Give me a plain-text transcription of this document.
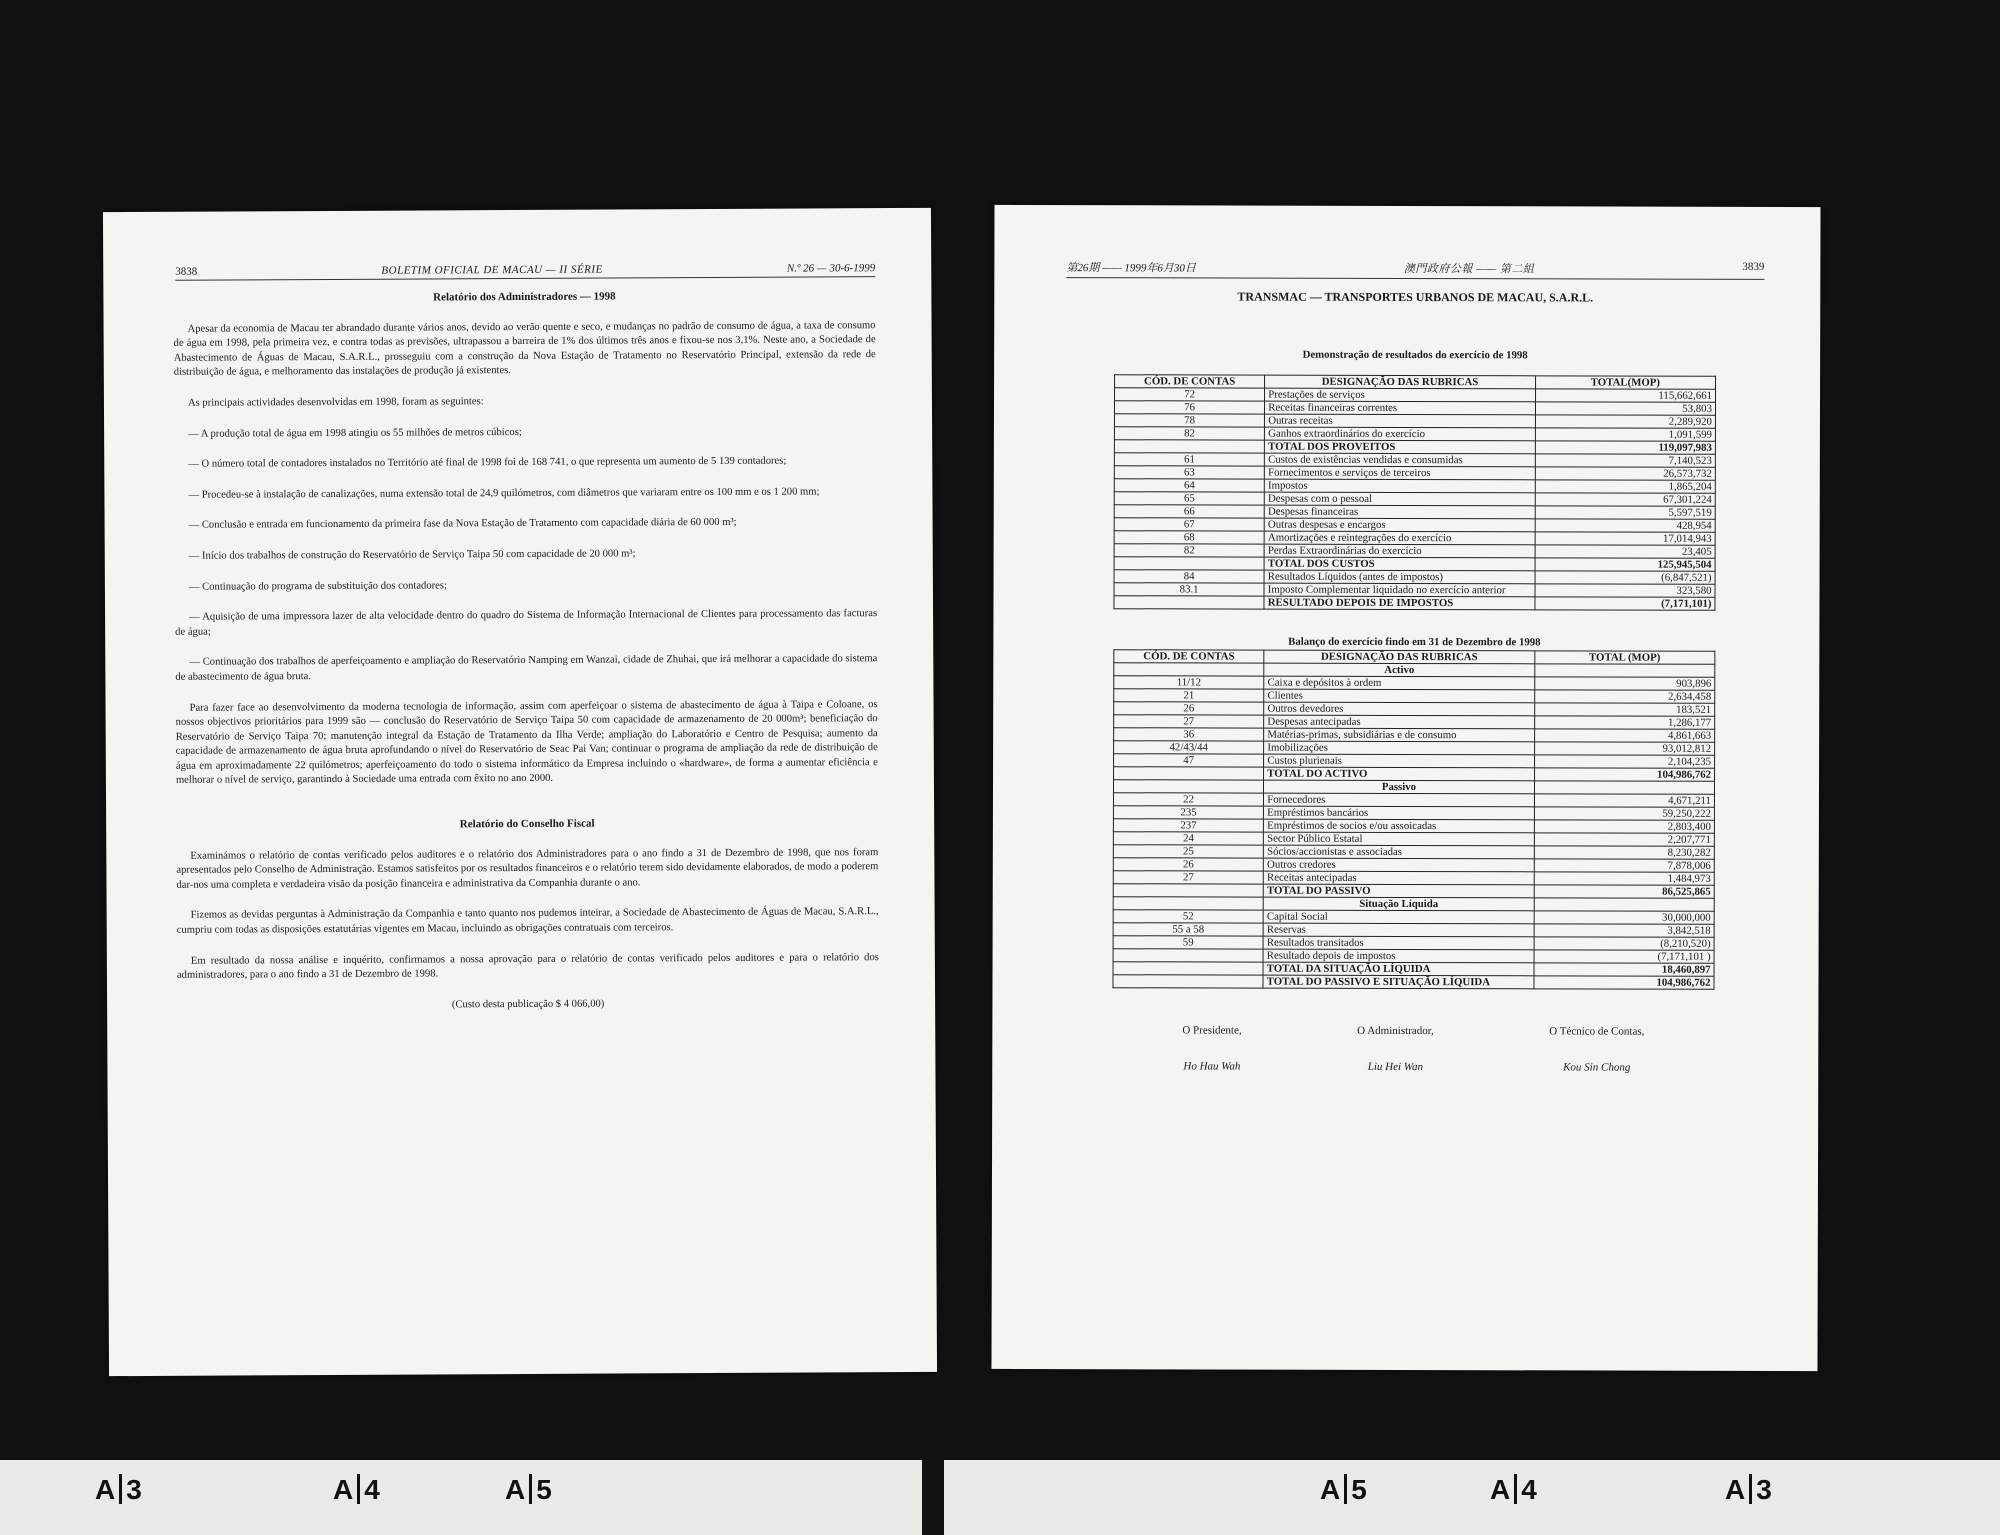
3838	BOLETIM OFICIAL DE MACAU — II SÉRIE	N.º 26 — 30-6-1999
Relatório dos Administradores — 1998

Apesar da economia de Macau ter abrandado durante vários anos, devido ao verão quente e seco, e mudanças no padrão de consumo de água, a taxa de consumo de água em 1998, pela primeira vez, e contra todas as previsões, ultrapassou a barreira de 1% dos últimos três anos e fixou-se nos 3,1%. Neste ano, a Sociedade de Abastecimento de Águas de Macau, S.A.R.L., prosseguiu com a construção da Nova Estação de Tratamento no Reservatório Principal, extensão da rede de distribuição de água, e melhoramento das instalações de produção já existentes.

As principais actividades desenvolvidas em 1998, foram as seguintes:

— A produção total de água em 1998 atingiu os 55 milhões de metros cúbicos;

— O número total de contadores instalados no Território até final de 1998 foi de 168 741, o que representa um aumento de 5 139 contadores;

— Procedeu-se à instalação de canalizações, numa extensão total de 24,9 quilómetros, com diâmetros que variaram entre os 100 mm e os 1 200 mm;

— Conclusão e entrada em funcionamento da primeira fase da Nova Estação de Tratamento com capacidade diária de 60 000 m³;

— Início dos trabalhos de construção do Reservatório de Serviço Taipa 50 com capacidade de 20 000 m³;

— Continuação do programa de substituição dos contadores;

— Aquisição de uma impressora lazer de alta velocidade dentro do quadro do Sistema de Informação Internacional de Clientes para processamento das facturas de água;

— Continuação dos trabalhos de aperfeiçoamento e ampliação do Reservatório Namping em Wanzai, cidade de Zhuhai, que irá melhorar a capacidade do sistema de abastecimento de água bruta.

Para fazer face ao desenvolvimento da moderna tecnologia de informação, assim com aperfeiçoar o sistema de abastecimento de água à Taipa e Coloane, os nossos objectivos prioritários para 1999 são — conclusão do Reservatório de Serviço Taipa 50 com capacidade de armazenamento de 20 000m³; beneficiação do Reservatório de Serviço Taipa 70; manutenção integral da Estação de Tratamento da Ilha Verde; ampliação do Laboratório e Centro de Pesquisa; aumento da capacidade de armazenamento de água bruta aprofundando o nível do Reservatório de Seac Pai Van; continuar o programa de ampliação da rede de distribuição de água em aproximadamente 22 quilómetros; aperfeiçoamento do todo o sistema informático da Empresa incluindo o «hardware», de forma a aumentar eficiência e melhorar o nível de serviço, garantindo à Sociedade uma entrada com êxito no ano 2000.

Relatório do Conselho Fiscal

Examinámos o relatório de contas verificado pelos auditores e o relatório dos Administradores para o ano findo a 31 de Dezembro de 1998, que nos foram apresentados pelo Conselho de Administração. Estamos satisfeitos por os resultados financeiros e o relatório terem sido devidamente elaborados, de modo a poderem dar-nos uma completa e verdadeira visão da posição financeira e administrativa da Companhia durante o ano.

Fizemos as devidas perguntas à Administração da Companhia e tanto quanto nos pudemos inteirar, a Sociedade de Abastecimento de Águas de Macau, S.A.R.L., cumpriu com todas as disposições estatutárias vigentes em Macau, incluindo as obrigações contratuais com terceiros.

Em resultado da nossa análise e inquérito, confirmamos a nossa aprovação para o relatório de contas verificado pelos auditores e para o relatório dos administradores, para o ano findo a 31 de Dezembro de 1998.

(Custo desta publicação $ 4 066,00)

第26期 —— 1999年6月30日	澳門政府公報 —— 第二組	3839
TRANSMAC — TRANSPORTES URBANOS DE MACAU, S.A.R.L.
Demonstração de resultados do exercício de 1998
CÓD. DE CONTAS	DESIGNAÇÃO DAS RUBRICAS	TOTAL(MOP)
72	Prestações de serviços	115,662,661
76	Receitas financeiras correntes	53,803
78	Outras receitas	2,289,920
82	Ganhos extraordinários do exercício	1,091,599
	TOTAL DOS PROVEITOS	119,097,983
61	Custos de existências vendidas e consumidas	7,140,523
63	Fornecimentos e serviços de terceiros	26,573,732
64	Impostos	1,865,204
65	Despesas com o pessoal	67,301,224
66	Despesas financeiras	5,597,519
67	Outras despesas e encargos	428,954
68	Amortizações e reintegrações do exercício	17,014,943
82	Perdas Extraordinárias do exercício	23,405
	TOTAL DOS CUSTOS	125,945,504
84	Resultados Líquidos (antes de impostos)	(6,847,521)
83.1	Imposto Complementar liquidado no exercício anterior	323,580
	RESULTADO DEPOIS DE IMPOSTOS	(7,171,101)
Balanço do exercício findo em 31 de Dezembro de 1998
CÓD. DE CONTAS	DESIGNAÇÃO DAS RUBRICAS	TOTAL (MOP)
	Activo	
11/12	Caixa e depósitos à ordem	903,896
21	Clientes	2,634,458
26	Outros devedores	183,521
27	Despesas antecipadas	1,286,177
36	Matérias-primas, subsidiárias e de consumo	4,861,663
42/43/44	Imobilizações	93,012,812
47	Custos plurienais	2,104,235
	TOTAL DO ACTIVO	104,986,762
	Passivo	
22	Fornecedores	4,671,211
235	Empréstimos bancários	59,250,222
237	Empréstimos de socios e/ou assoicadas	2,803,400
24	Sector Público Estatal	2,207,771
25	Sócios/accionistas e associadas	8,230,282
26	Outros credores	7,878,006
27	Receitas antecipadas	1,484,973
	TOTAL DO PASSIVO	86,525,865
	Situação Líquida	
52	Capital Social	30,000,000
55 a 58	Reservas	3,842,518
59	Resultados transitados	(8,210,520)
	Resultado depois de impostos	(7,171,101 )
	TOTAL DA SITUAÇÃO LÍQUIDA	18,460,897
	TOTAL DO PASSIVO E SITUAÇÃO LÍQUIDA	104,986,762
O Presidente,
Ho Hau Wah
O Administrador,
Liu Hei Wan
O Técnico de Contas,
Kou Sin Chong
A 3	A 4	A 5	A 5	A 4	A 3
